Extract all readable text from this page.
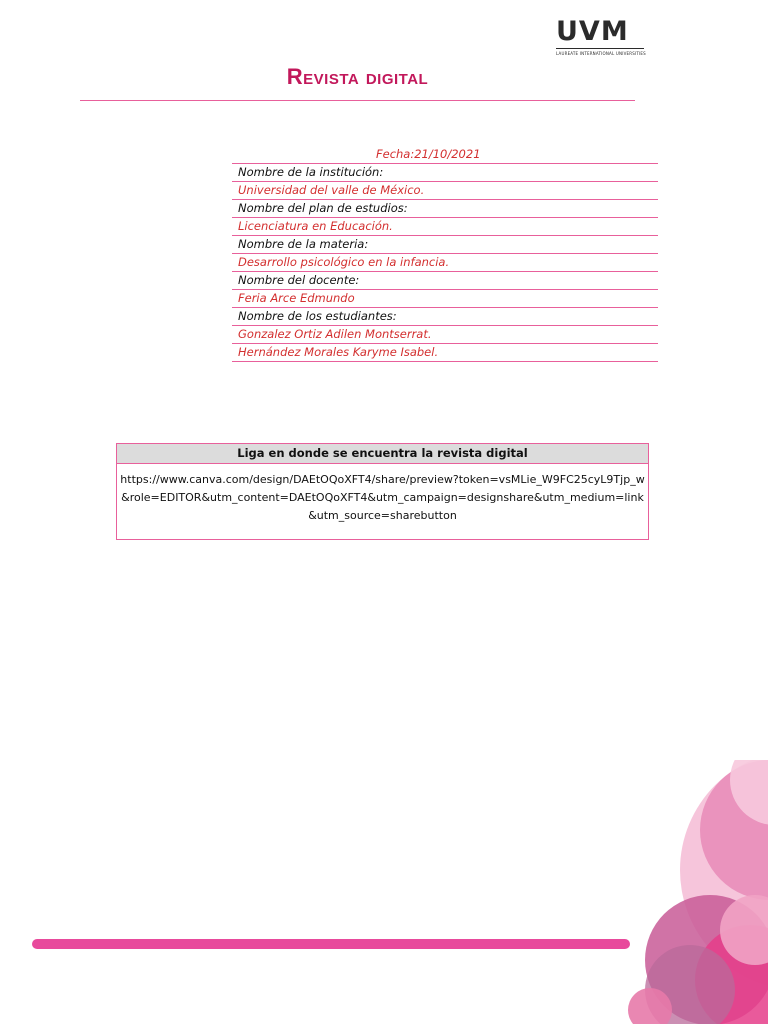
UVM
LAUREATE INTERNATIONAL UNIVERSITIES
Revista digital
Fecha:21/10/2021
Nombre de la institución:
Universidad del valle de México.
Nombre del plan de estudios:
Licenciatura en Educación.
Nombre de la materia:
Desarrollo psicológico en la infancia.
Nombre del docente:
Feria Arce Edmundo
Nombre de los estudiantes:
Gonzalez Ortiz Adilen Montserrat.
Hernández Morales Karyme Isabel.
Liga en donde se encuentra la revista digital
https://www.canva.com/design/DAEtOQoXFT4/share/preview?token=vsMLie_W9FC25cyL9Tjp_w&role=EDITOR&utm_content=DAEtOQoXFT4&utm_campaign=designshare&utm_medium=link&utm_source=sharebutton
